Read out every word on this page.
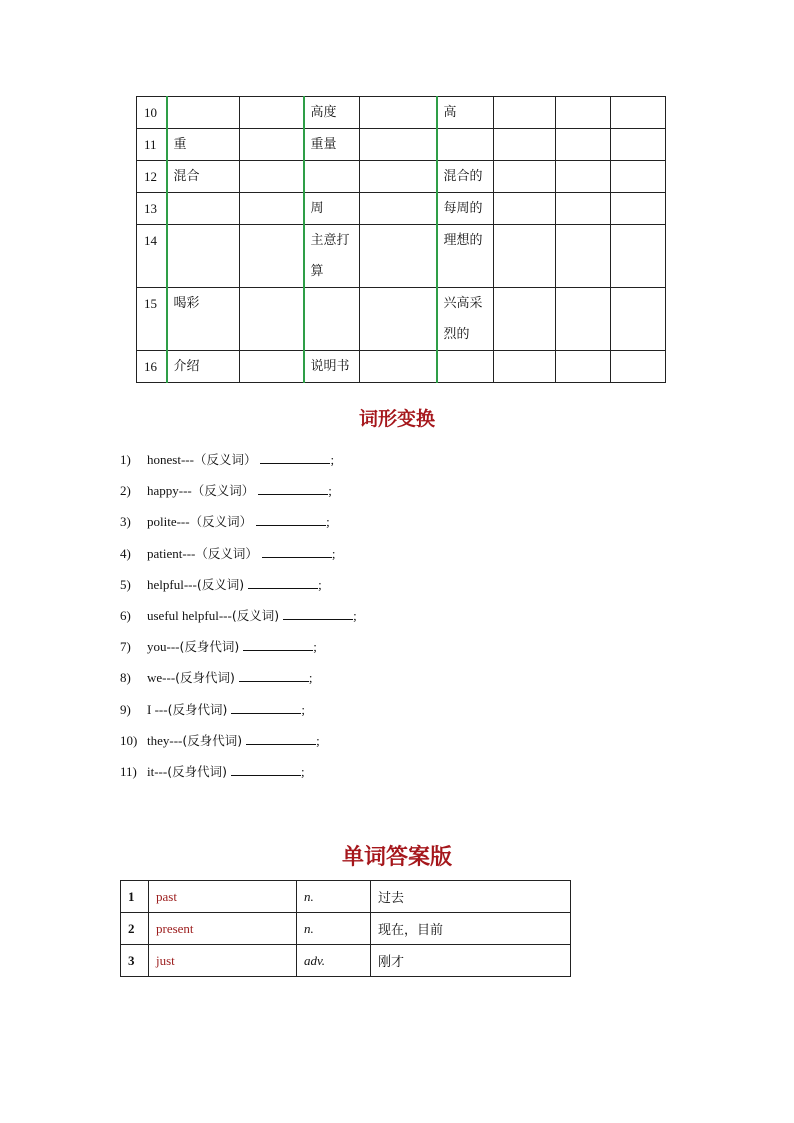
10			高度		高			
11	重		重量					
12	混合				混合的			
13			周		每周的			
14			主意打算		理想的			
15	喝彩				兴高采烈的			
16	介绍		说明书					
词形变换
1) honest---（反义词）	;
2) happy---（反义词）	;
3) polite---（反义词）	;
4) patient---（反义词）	;
5) helpful---(反义词)	;
6) useful helpful---(反义词)	;
7) you---(反身代词)	;
8) we---(反身代词)	;
9) I ---(反身代词)	;
10) they---(反身代词)	;
11) it---(反身代词)	;
单词答案版
1	past	n.	过去
2	present	n.	现在，目前
3	just	adv.	刚才
